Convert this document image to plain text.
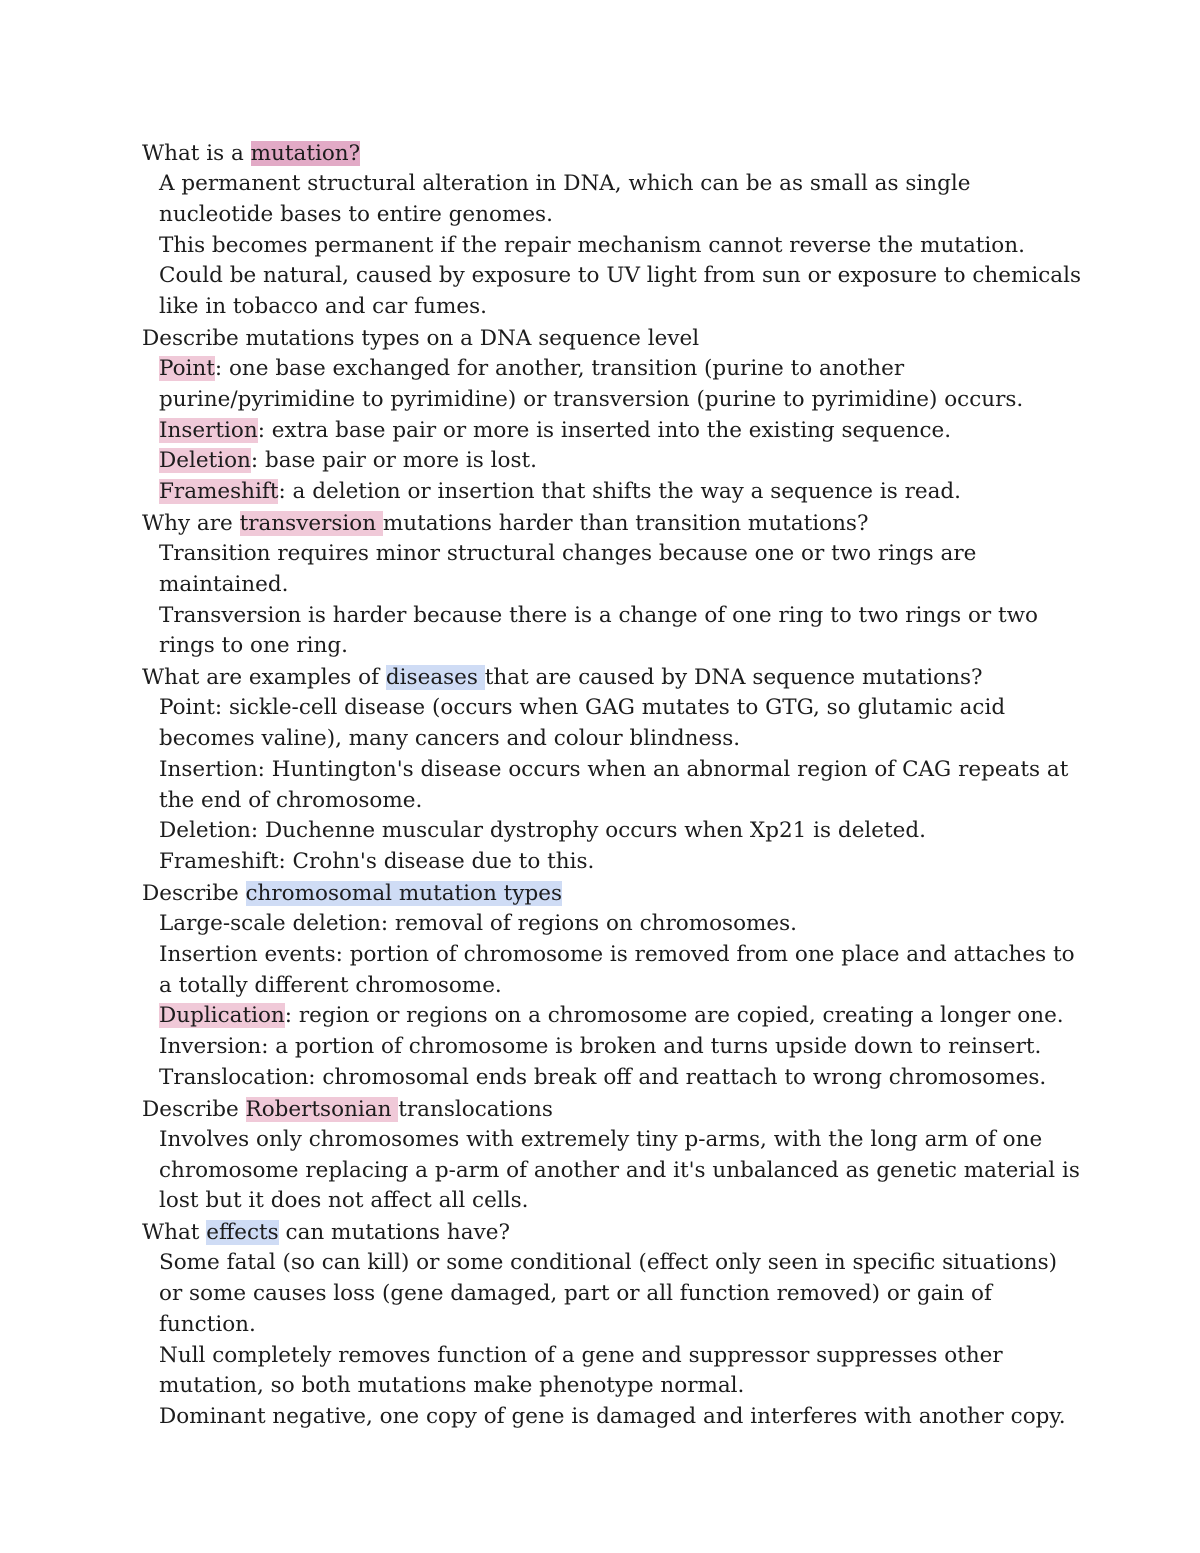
What is a mutation?
A permanent structural alteration in DNA, which can be as small as single nucleotide bases to entire genomes.
This becomes permanent if the repair mechanism cannot reverse the mutation.
Could be natural, caused by exposure to UV light from sun or exposure to chemicals like in tobacco and car fumes.
Describe mutations types on a DNA sequence level
Point: one base exchanged for another, transition (purine to another purine/pyrimidine to pyrimidine) or transversion (purine to pyrimidine) occurs.
Insertion: extra base pair or more is inserted into the existing sequence.
Deletion: base pair or more is lost.
Frameshift: a deletion or insertion that shifts the way a sequence is read.
Why are transversion mutations harder than transition mutations?
Transition requires minor structural changes because one or two rings are maintained.
Transversion is harder because there is a change of one ring to two rings or two rings to one ring.
What are examples of diseases that are caused by DNA sequence mutations?
Point: sickle-cell disease (occurs when GAG mutates to GTG, so glutamic acid becomes valine), many cancers and colour blindness.
Insertion: Huntington's disease occurs when an abnormal region of CAG repeats at the end of chromosome.
Deletion: Duchenne muscular dystrophy occurs when Xp21 is deleted.
Frameshift: Crohn's disease due to this.
Describe chromosomal mutation types
Large-scale deletion: removal of regions on chromosomes.
Insertion events: portion of chromosome is removed from one place and attaches to a totally different chromosome.
Duplication: region or regions on a chromosome are copied, creating a longer one.
Inversion: a portion of chromosome is broken and turns upside down to reinsert.
Translocation: chromosomal ends break off and reattach to wrong chromosomes.
Describe Robertsonian translocations
Involves only chromosomes with extremely tiny p-arms, with the long arm of one chromosome replacing a p-arm of another and it's unbalanced as genetic material is lost but it does not affect all cells.
What effects can mutations have?
Some fatal (so can kill) or some conditional (effect only seen in specific situations) or some causes loss (gene damaged, part or all function removed) or gain of function.
Null completely removes function of a gene and suppressor suppresses other mutation, so both mutations make phenotype normal.
Dominant negative, one copy of gene is damaged and interferes with another copy.
